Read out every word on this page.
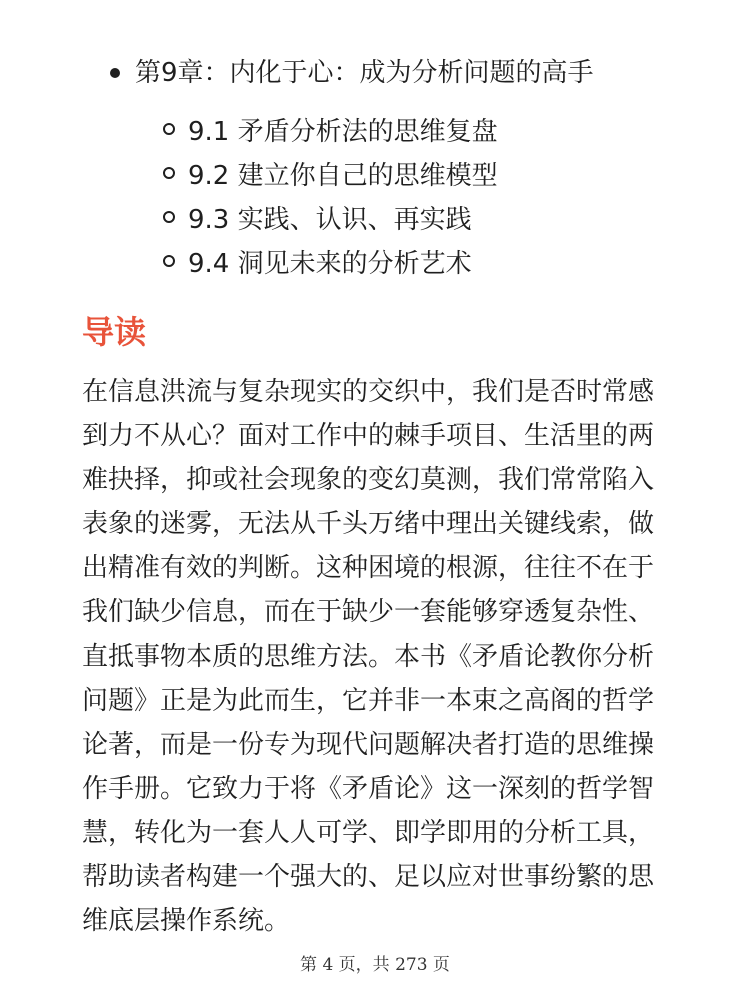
第9章：内化于心：成为分析问题的高手
9.1 矛盾分析法的思维复盘
9.2 建立你自己的思维模型
9.3 实践、认识、再实践
9.4 洞见未来的分析艺术
导读

在信息洪流与复杂现实的交织中，我们是否时常感到力不从心？面对工作中的棘手项目、生活里的两难抉择，抑或社会现象的变幻莫测，我们常常陷入表象的迷雾，无法从千头万绪中理出关键线索，做出精准有效的判断。这种困境的根源，往往不在于我们缺少信息，而在于缺少一套能够穿透复杂性、直抵事物本质的思维方法。本书《矛盾论教你分析问题》正是为此而生，它并非一本束之高阁的哲学论著，而是一份专为现代问题解决者打造的思维操作手册。它致力于将《矛盾论》这一深刻的哲学智慧，转化为一套人人可学、即学即用的分析工具，帮助读者构建一个强大的、足以应对世事纷繁的思维底层操作系统。

第 4 页，共 273 页
